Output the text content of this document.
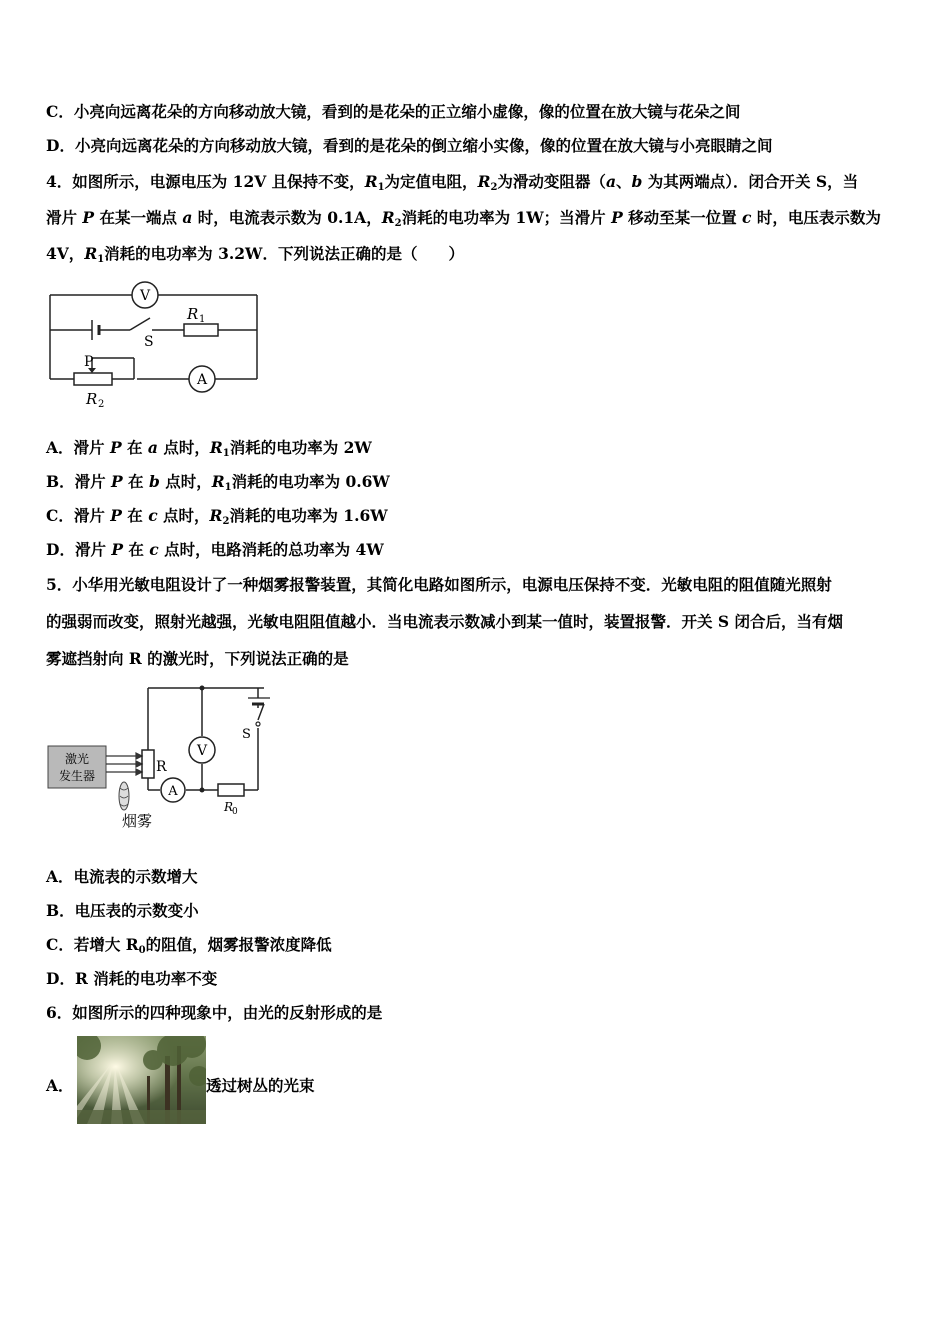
C．小亮向远离花朵的方向移动放大镜，看到的是花朵的正立缩小虚像，像的位置在放大镜与花朵之间
D．小亮向远离花朵的方向移动放大镜，看到的是花朵的倒立缩小实像，像的位置在放大镜与小亮眼睛之间
4．如图所示，电源电压为 12V 且保持不变，$R_1$为定值电阻，$R_2$为滑动变阻器（a、b 为其两端点）．闭合开关 S，当
滑片 P 在某一端点 a 时，电流表示数为 0.1A，$R_2$消耗的电功率为 1W；当滑片 P 移动至某一位置 c 时，电压表示数为
4V，$R_1$消耗的电功率为 3.2W．下列说法正确的是（　　）
V
A
R 1
S
P
R 2
A．滑片 P 在 a 点时，$R_1$消耗的电功率为 2W
B．滑片 P 在 b 点时，$R_1$消耗的电功率为 0.6W
C．滑片 P 在 c 点时，$R_2$消耗的电功率为 1.6W
D．滑片 P 在 c 点时，电路消耗的总功率为 4W
5．小华用光敏电阻设计了一种烟雾报警装置，其简化电路如图所示，电源电压保持不变．光敏电阻的阻值随光照射
的强弱而改变，照射光越强，光敏电阻阻值越小．当电流表示数减小到某一值时，装置报警．开关 S 闭合后，当有烟
雾遮挡射向 R 的激光时，下列说法正确的是
激光
发生器
V
A
R
S
R
0
烟雾
A．电流表的示数增大
B．电压表的示数变小
C．若增大 $R_0$的阻值，烟雾报警浓度降低
D．R 消耗的电功率不变
6．如图所示的四种现象中，由光的反射形成的是
A．	透过树丛的光束
